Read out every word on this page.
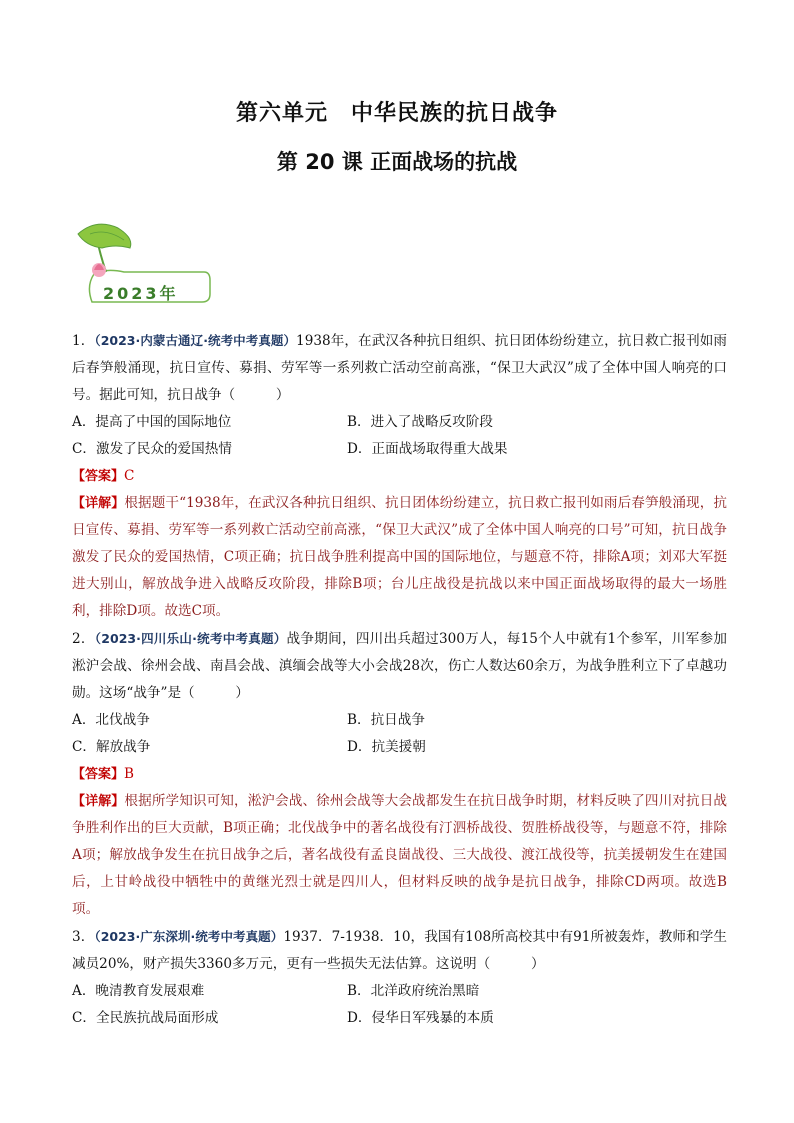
第六单元　中华民族的抗日战争
第 20 课 正面战场的抗战
2023年

1．（2023·内蒙古通辽·统考中考真题）1938年，在武汉各种抗日组织、抗日团体纷纷建立，抗日救亡报刊如雨后春笋般涌现，抗日宣传、募捐、劳军等一系列救亡活动空前高涨，“保卫大武汉”成了全体中国人响亮的口号。据此可知，抗日战争（　　　）

A．提高了中国的国际地位	B．进入了战略反攻阶段
C．激发了民众的爱国热情	D．正面战场取得重大战果

【答案】C

【详解】根据题干“1938年，在武汉各种抗日组织、抗日团体纷纷建立，抗日救亡报刊如雨后春笋般涌现，抗日宣传、募捐、劳军等一系列救亡活动空前高涨，“保卫大武汉”成了全体中国人响亮的口号”可知，抗日战争激发了民众的爱国热情，C项正确；抗日战争胜利提高中国的国际地位，与题意不符，排除A项；刘邓大军挺进大别山，解放战争进入战略反攻阶段，排除B项；台儿庄战役是抗战以来中国正面战场取得的最大一场胜利，排除D项。故选C项。

2．（2023·四川乐山·统考中考真题）战争期间，四川出兵超过300万人，每15个人中就有1个参军，川军参加淞沪会战、徐州会战、南昌会战、滇缅会战等大小会战28次，伤亡人数达60余万，为战争胜利立下了卓越功勋。这场“战争”是（　　　）

A．北伐战争	B．抗日战争
C．解放战争	D．抗美援朝

【答案】B

【详解】根据所学知识可知，淞沪会战、徐州会战等大会战都发生在抗日战争时期，材料反映了四川对抗日战争胜利作出的巨大贡献，B项正确；北伐战争中的著名战役有汀泗桥战役、贺胜桥战役等，与题意不符，排除A项；解放战争发生在抗日战争之后，著名战役有孟良崮战役、三大战役、渡江战役等，抗美援朝发生在建国后，上甘岭战役中牺牲中的黄继光烈士就是四川人，但材料反映的战争是抗日战争，排除CD两项。故选B项。

3．（2023·广东深圳·统考中考真题）1937．7-1938．10，我国有108所高校其中有91所被轰炸，教师和学生减员20%，财产损失3360多万元，更有一些损失无法估算。这说明（　　　）

A．晚清教育发展艰难	B．北洋政府统治黑暗
C．全民族抗战局面形成	D．侵华日军残暴的本质
